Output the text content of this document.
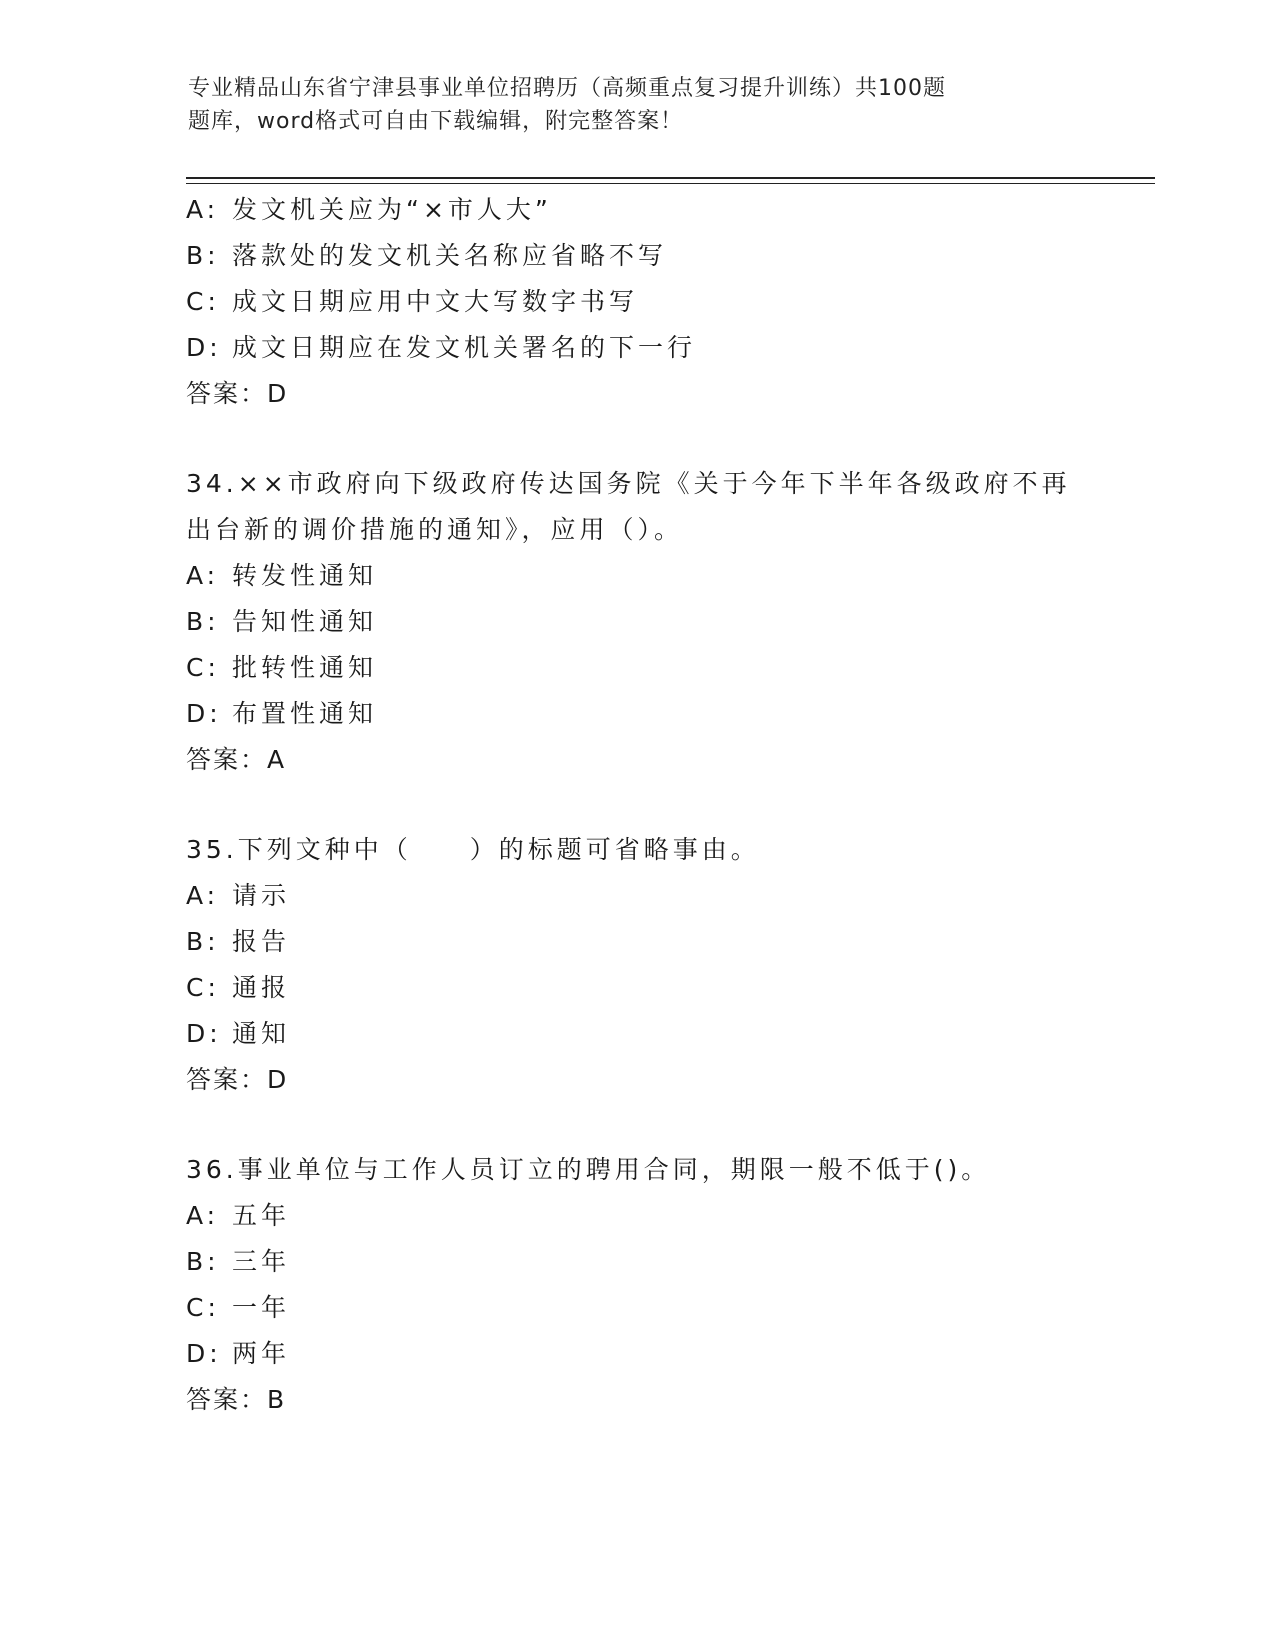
专业精品山东省宁津县事业单位招聘历（高频重点复习提升训练）共100题
题库，word格式可自由下载编辑，附完整答案！
A: 发文机关应为“×市人大”
B: 落款处的发文机关名称应省略不写
C: 成文日期应用中文大写数字书写
D: 成文日期应在发文机关署名的下一行
答案：D
34.××市政府向下级政府传达国务院《关于今年下半年各级政府不再
出台新的调价措施的通知》，应用（）。
A: 转发性通知
B: 告知性通知
C: 批转性通知
D: 布置性通知
答案：A
35.下列文种中（　　）的标题可省略事由。
A: 请示
B: 报告
C: 通报
D: 通知
答案：D
36.事业单位与工作人员订立的聘用合同，期限一般不低于()。
A: 五年
B: 三年
C: 一年
D: 两年
答案：B
